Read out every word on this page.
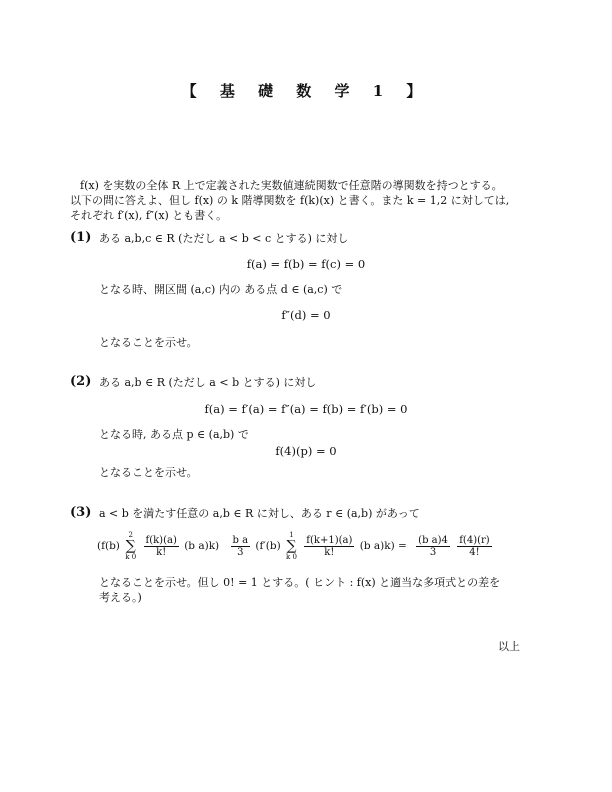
【 基 礎 数 学 1 】
f(x) を実数の全体 R 上で定義された実数値連続関数で任意階の導関数を持つとする。
以下の問に答えよ、但し f(x) の k 階導関数を f(k)(x) と書く。また k = 1,2 に対しては,
それぞれ f′(x), f″(x) とも書く。
(1) ある a,b,c ∈ R (ただし a < b < c とする) に対し
f(a) = f(b) = f(c) = 0
となる時、開区間 (a,c) 内の ある点 d ∈ (a,c) で
f″(d) = 0
となることを示せ。
(2) ある a,b ∈ R (ただし a < b とする) に対し
f(a) = f′(a) = f″(a) = f(b) = f′(b) = 0
となる時, ある点 p ∈ (a,b) で
f(4)(p) = 0
となることを示せ。
(3) a < b を満たす任意の a,b ∈ R に対し、ある r ∈ (a,b) があって
(f(b) 2
∑
k $0 \frac{f(k)(a)}{k!} (b$ $a)k) \frac{\text{b a}}{3} (f'(b)$ 1
∑
k $0 \frac{f(k+1)(a)}{k!} (b$ $a)k) = \frac{\text{(b a)4}}{3}$
$\frac{f(4)(r)}{4!}$
となることを示せ。但し 0! = 1 とする。( ヒント : f(x) と適当な多項式との差を
考える。)
以上
